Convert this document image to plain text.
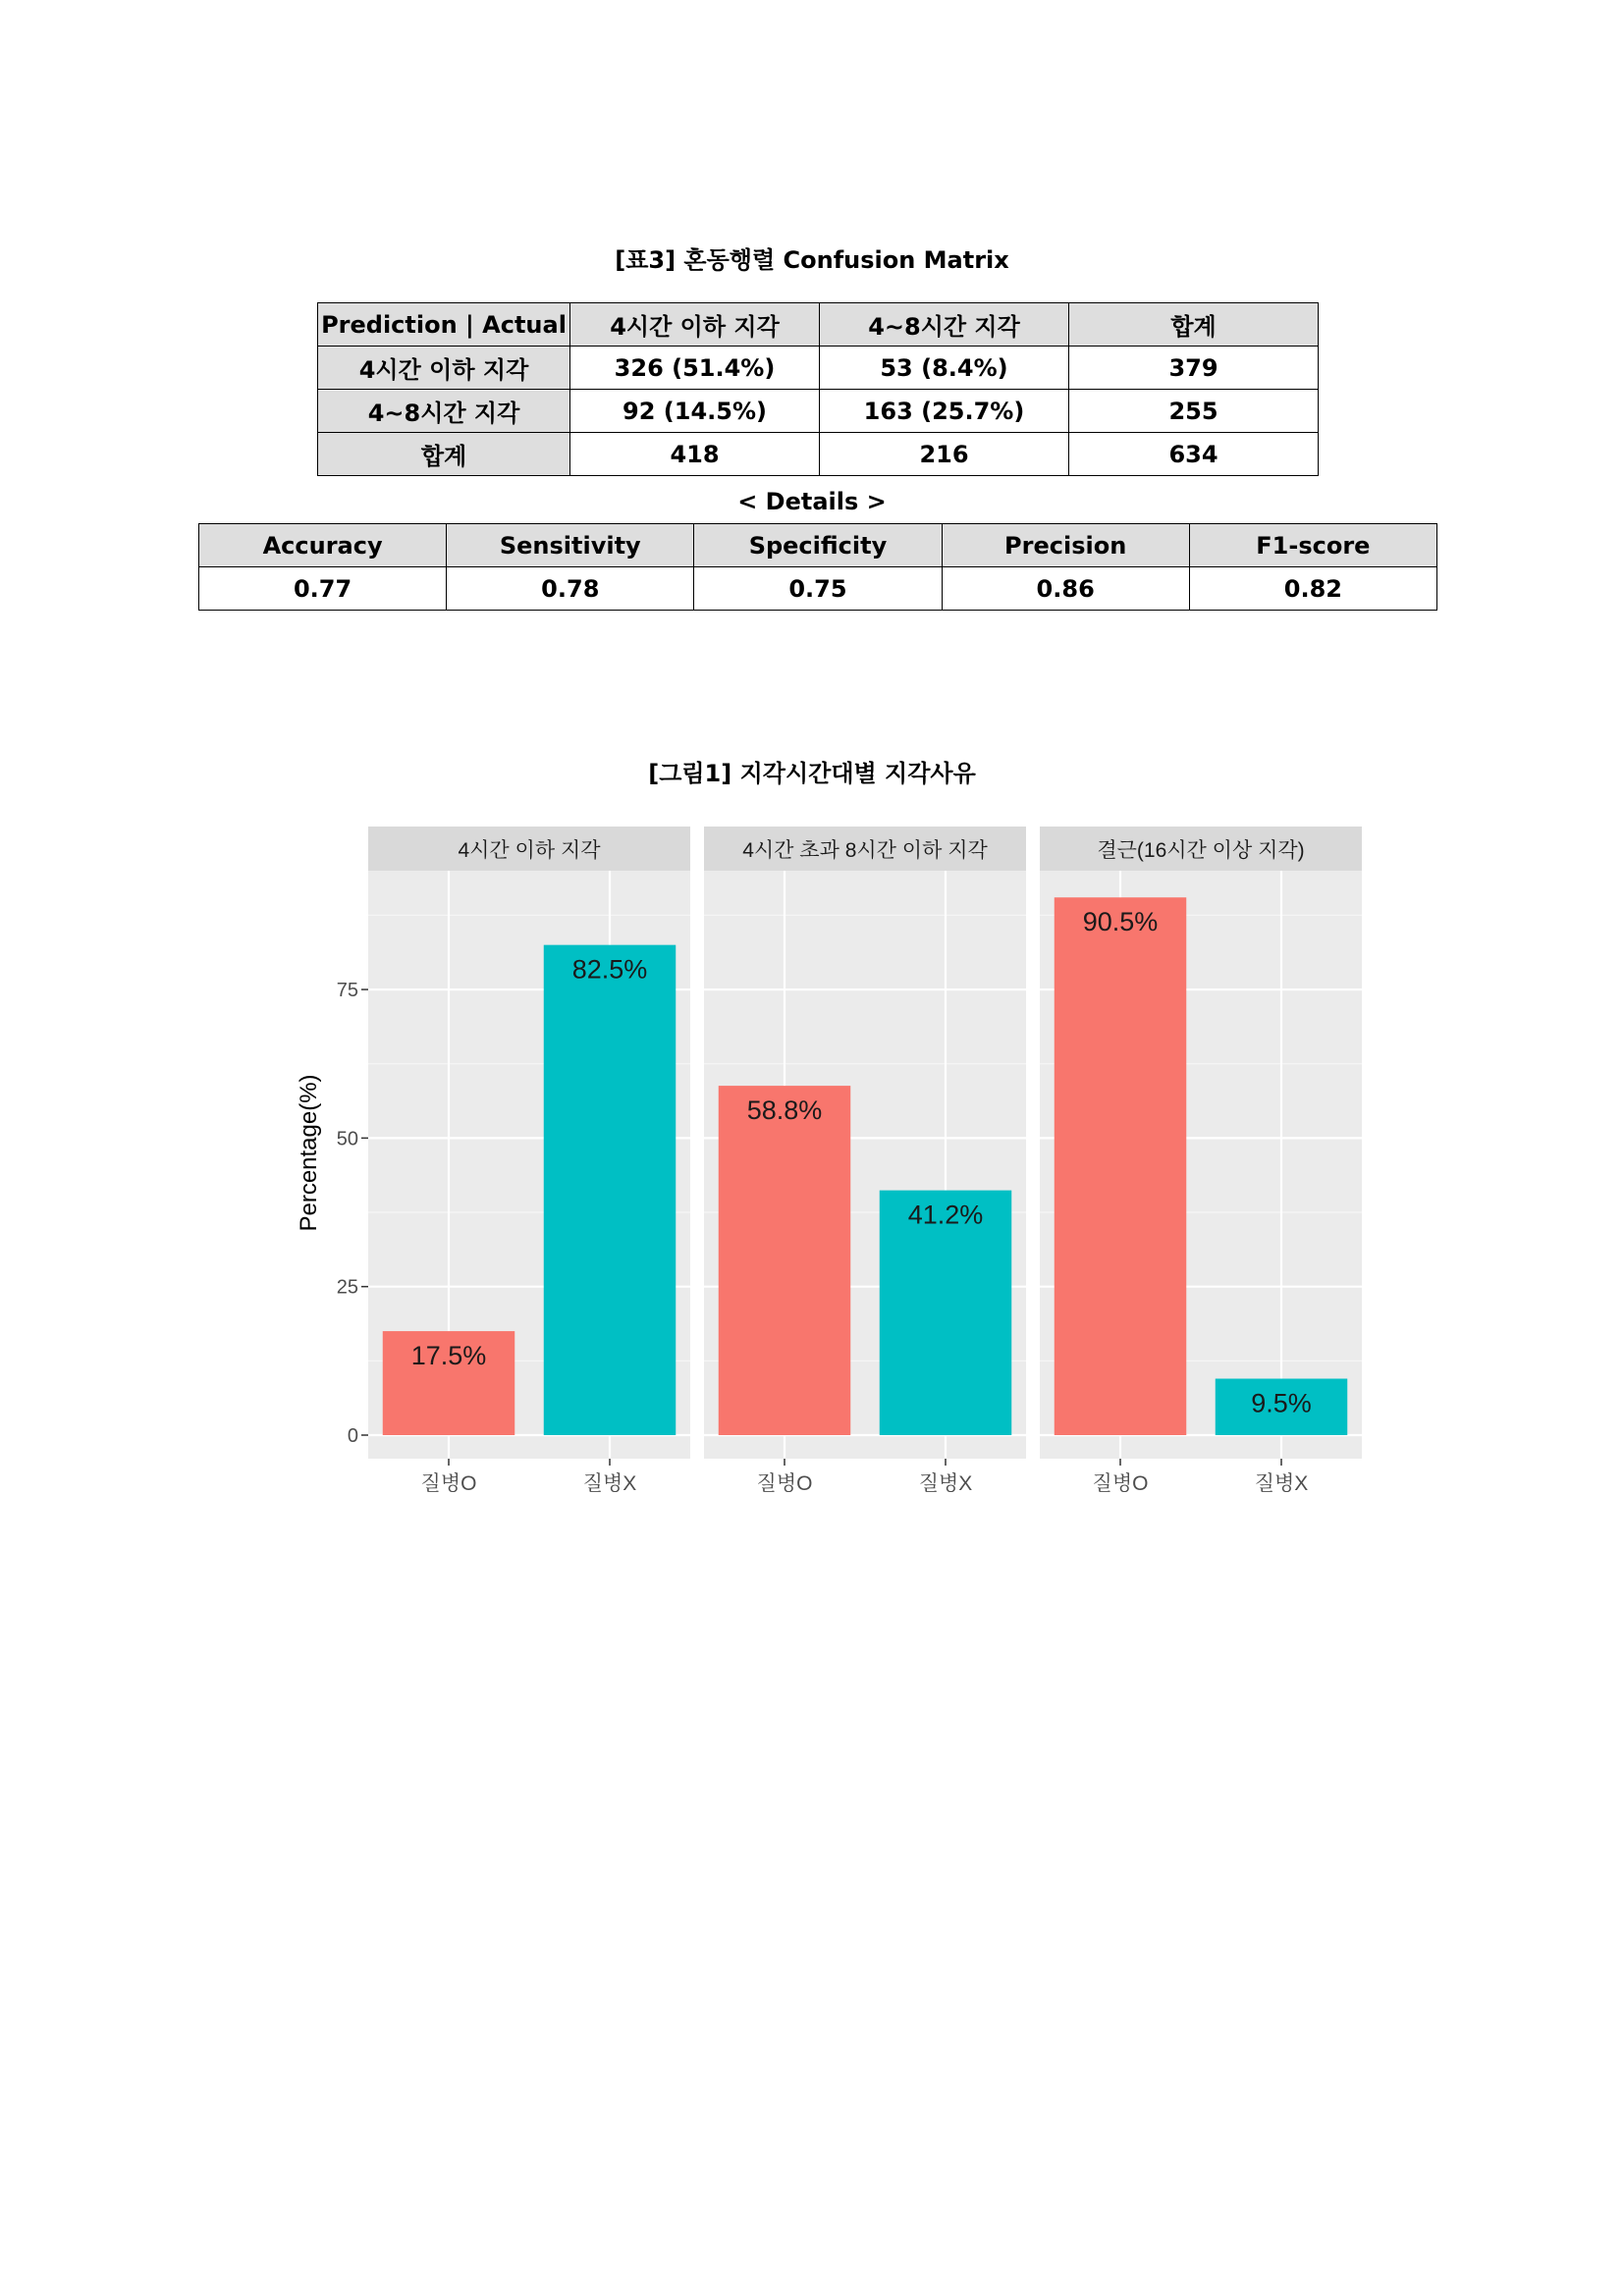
[표3] 혼동행렬 Confusion Matrix
Prediction | Actual	4시간 이하 지각	4~8시간 지각	합계
4시간 이하 지각	326 (51.4%)	53 (8.4%)	379
4~8시간 지각	92 (14.5%)	163 (25.7%)	255
합계	418	216	634
< Details >
Accuracy	Sensitivity	Specificity	Precision	F1-score
0.77	0.78	0.75	0.86	0.82
[그림1] 지각시간대별 지각사유
0
25
50
75
Percentage(%)
4시간 이하 지각
17.5%
82.5%
질병O	질병X
4시간 초과 8시간 이하 지각
58.8%
41.2%
질병O	질병X
결근(16시간 이상 지각)
90.5%
9.5%
질병O	질병X
